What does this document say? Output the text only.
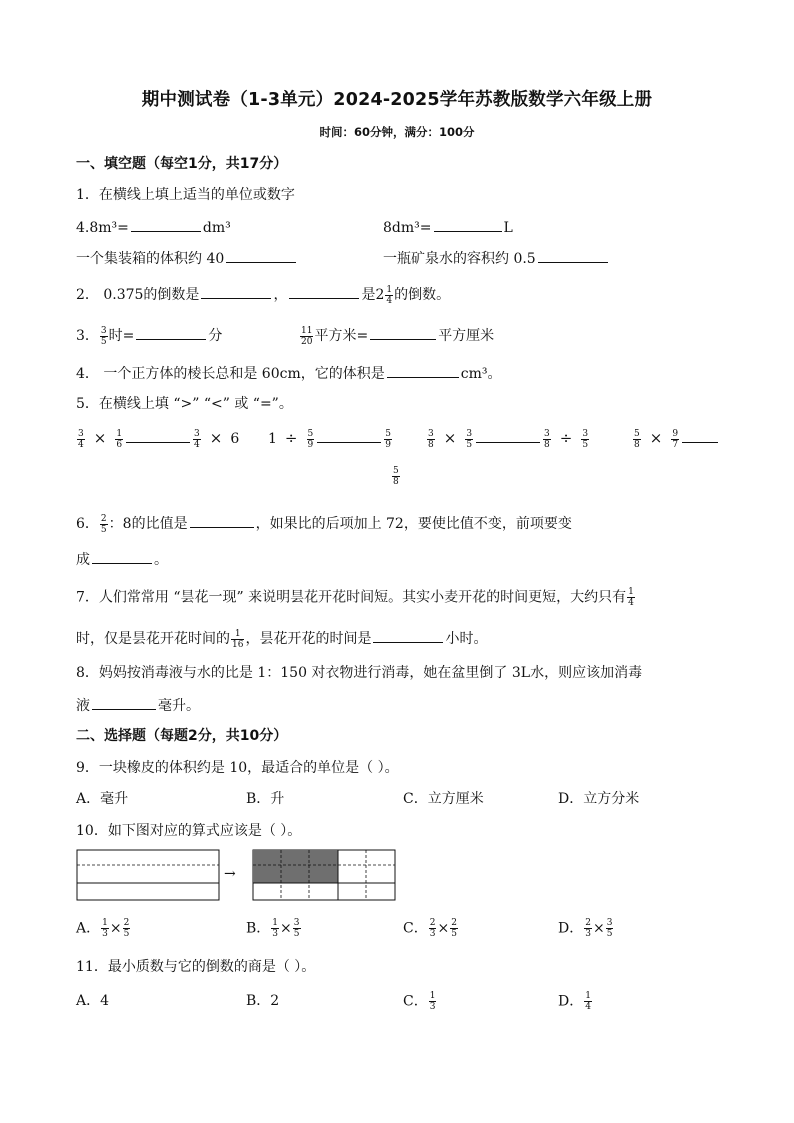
期中测试卷（1-3单元）2024-2025学年苏教版数学六年级上册
时间：60分钟，满分：100分
一、填空题（每空1分，共17分）
1．在横线上填上适当的单位或数字
4.8m³=	dm³	8dm³=	L
一个集装箱的体积约 40	一瓶矿泉水的容积约 0.5
2． 0.375的倒数是	，	是$2 \frac{1}{4}$ 的倒数。
3． $\frac{3}{5}$ 时=	分	$\frac{11}{20}$ 平方米=	平方厘米
4． 一个正方体的棱长总和是 60cm，它的体积是	cm³。
5．在横线上填 “>” “<” 或 “=”。
$\frac{3}{4} \times \frac{1}{6}$	$\frac{3}{4} \times 6$ $1 \div \frac{5}{9}$	$\frac{5}{9}$
$\frac{5}{8}$
$\frac{3}{8} \times \frac{3}{5}$	$\frac{3}{8} \div \frac{3}{5}$	$\frac{5}{8} \times \frac{9}{7}$
6． $\frac{2}{5}$ ：8的比值是	，如果比的后项加上 72，要使比值不变，前项要变
成	。
7．人们常常用 “昙花一现” 来说明昙花开花时间短。其实小麦开花的时间更短，大约只有 $\frac{1}{4}$
时，仅是昙花开花时间的 $\frac{1}{16}$ ，昙花开花的时间是	小时。
8．妈妈按消毒液与水的比是 1：150 对衣物进行消毒，她在盆里倒了 3L水，则应该加消毒
液	毫升。
二、选择题（每题2分，共10分）
9．一块橡皮的体积约是 10，最适合的单位是（ ）。
A．毫升	B．升	C．立方厘米	D．立方分米
10．如下图对应的算式应该是（ ）。
→
A． $\frac{1}{3} \times \frac{2}{5}$	B． $\frac{1}{3} \times \frac{3}{5}$	C． $\frac{2}{3} \times \frac{2}{5}$	D． $\frac{2}{3} \times \frac{3}{5}$
11．最小质数与它的倒数的商是（ ）。
A．4	B．2	C． $\frac{1}{3}$	D． $\frac{1}{4}$
